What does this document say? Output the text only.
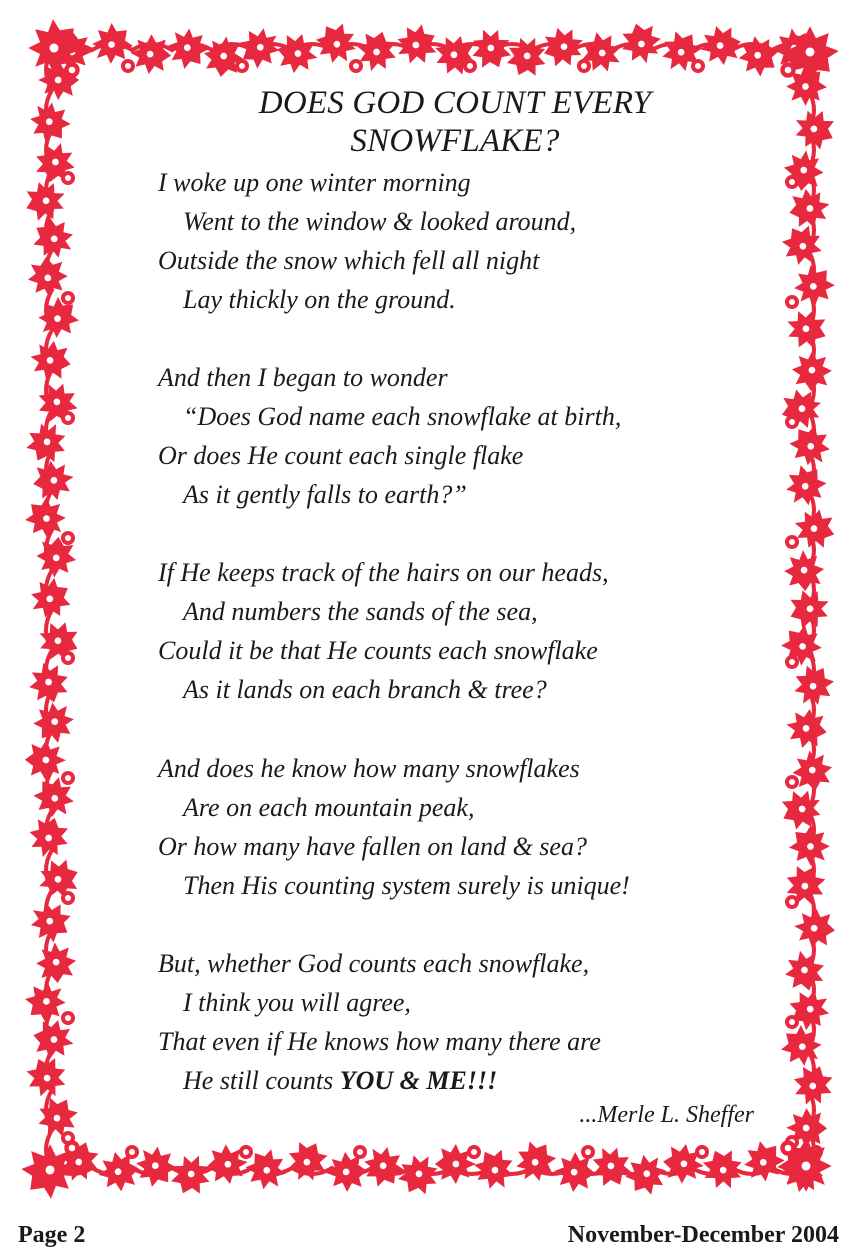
DOES GOD COUNT EVERY
SNOWFLAKE?
I woke up one winter morning
Went to the window & looked around,
Outside the snow which fell all night
Lay thickly on the ground.
And then I began to wonder
“Does God name each snowflake at birth,
Or does He count each single flake
As it gently falls to earth?”
If He keeps track of the hairs on our heads,
And numbers the sands of the sea,
Could it be that He counts each snowflake
As it lands on each branch & tree?
And does he know how many snowflakes
Are on each mountain peak,
Or how many have fallen on land & sea?
Then His counting system surely is unique!
But, whether God counts each snowflake,
I think you will agree,
That even if He knows how many there are
He still counts YOU & ME!!!
...Merle L. Sheffer
Page 2	November-December 2004
